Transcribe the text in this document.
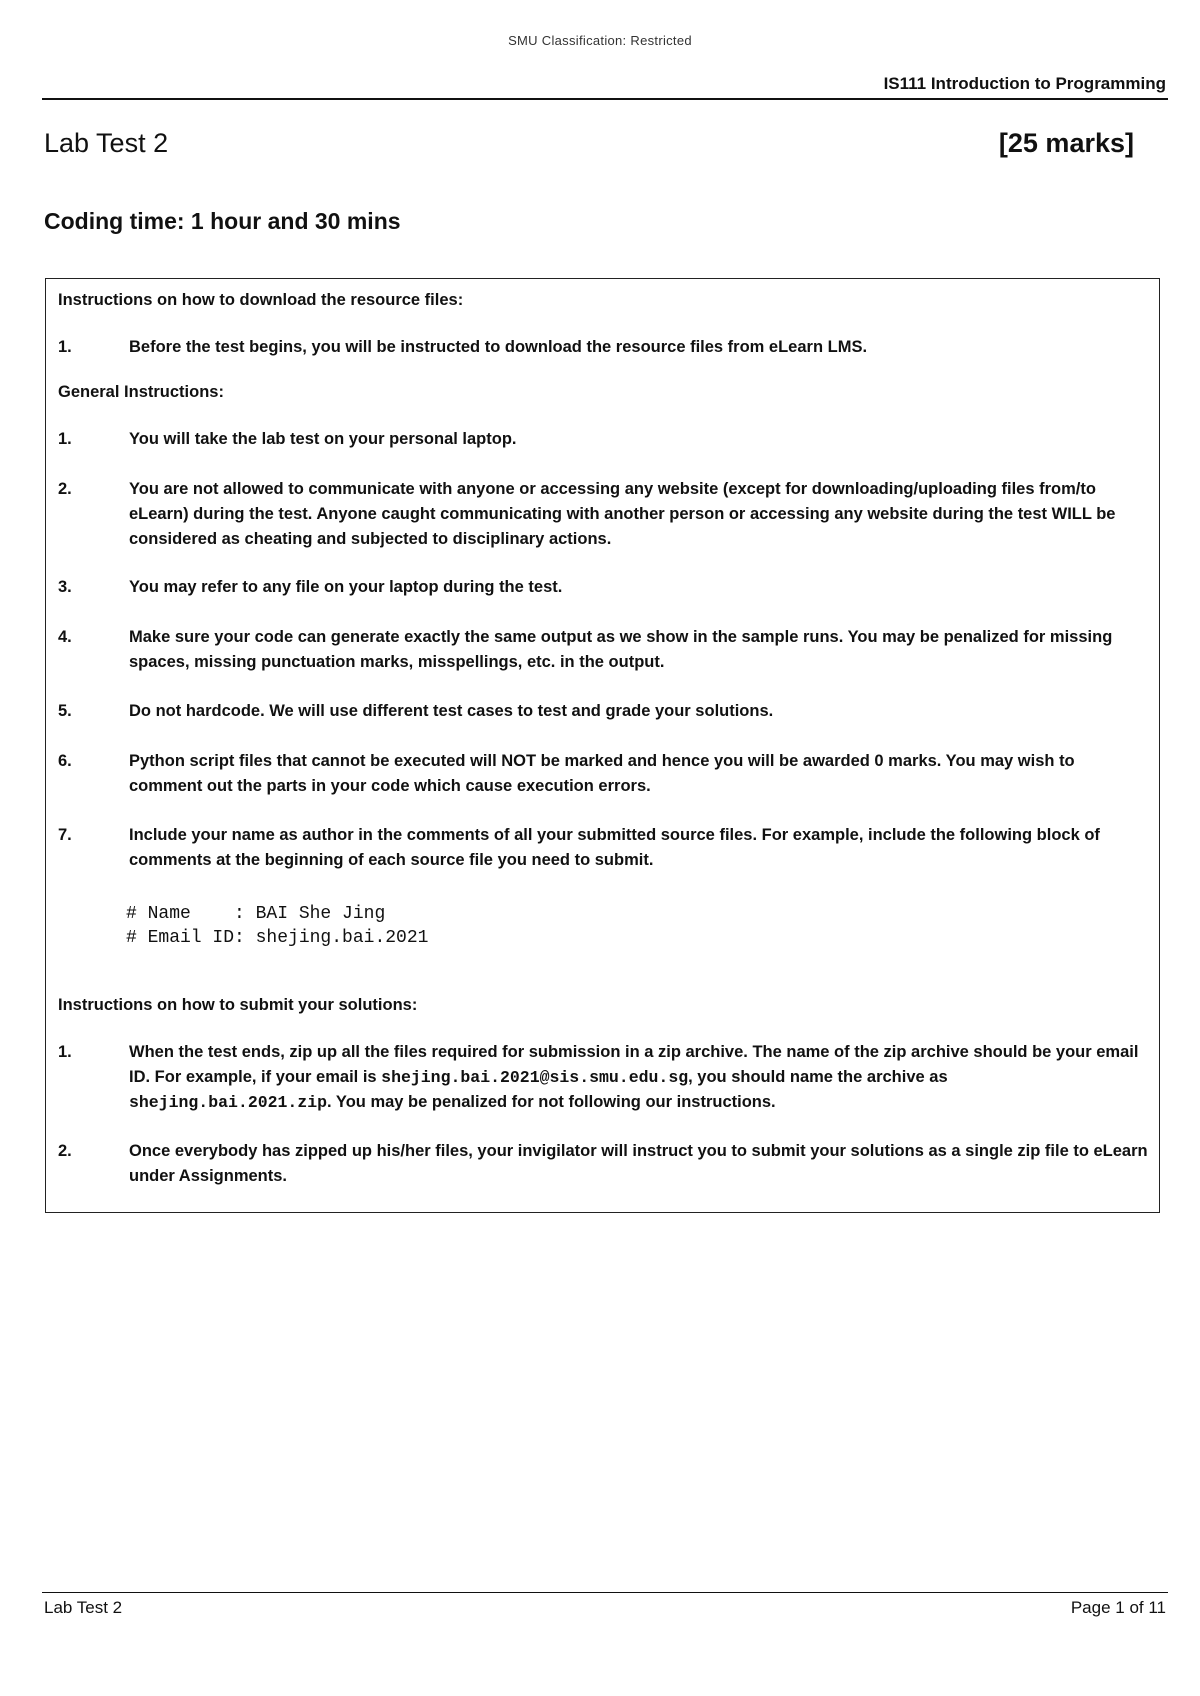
SMU Classification: Restricted
IS111 Introduction to Programming
Lab Test 2	[25 marks]
Coding time: 1 hour and 30 mins
Instructions on how to download the resource files:
1.	Before the test begins, you will be instructed to download the resource files from eLearn LMS.
General Instructions:
1.	You will take the lab test on your personal laptop.
2.	You are not allowed to communicate with anyone or accessing any website (except for downloading/uploading files from/to eLearn) during the test. Anyone caught communicating with another person or accessing any website during the test WILL be considered as cheating and subjected to disciplinary actions.
3.	You may refer to any file on your laptop during the test.
4.	Make sure your code can generate exactly the same output as we show in the sample runs. You may be penalized for missing spaces, missing punctuation marks, misspellings, etc. in the output.
5.	Do not hardcode. We will use different test cases to test and grade your solutions.
6.	Python script files that cannot be executed will NOT be marked and hence you will be awarded 0 marks. You may wish to comment out the parts in your code which cause execution errors.
7.	Include your name as author in the comments of all your submitted source files. For example, include the following block of comments at the beginning of each source file you need to submit.
# Name    : BAI She Jing
# Email ID: shejing.bai.2021
Instructions on how to submit your solutions:
1.	When the test ends, zip up all the files required for submission in a zip archive. The name of the zip archive should be your email ID. For example, if your email is shejing.bai.2021@sis.smu.edu.sg, you should name the archive as shejing.bai.2021.zip. You may be penalized for not following our instructions.
2.	Once everybody has zipped up his/her files, your invigilator will instruct you to submit your solutions as a single zip file to eLearn under Assignments.
Lab Test 2	Page 1 of 11
